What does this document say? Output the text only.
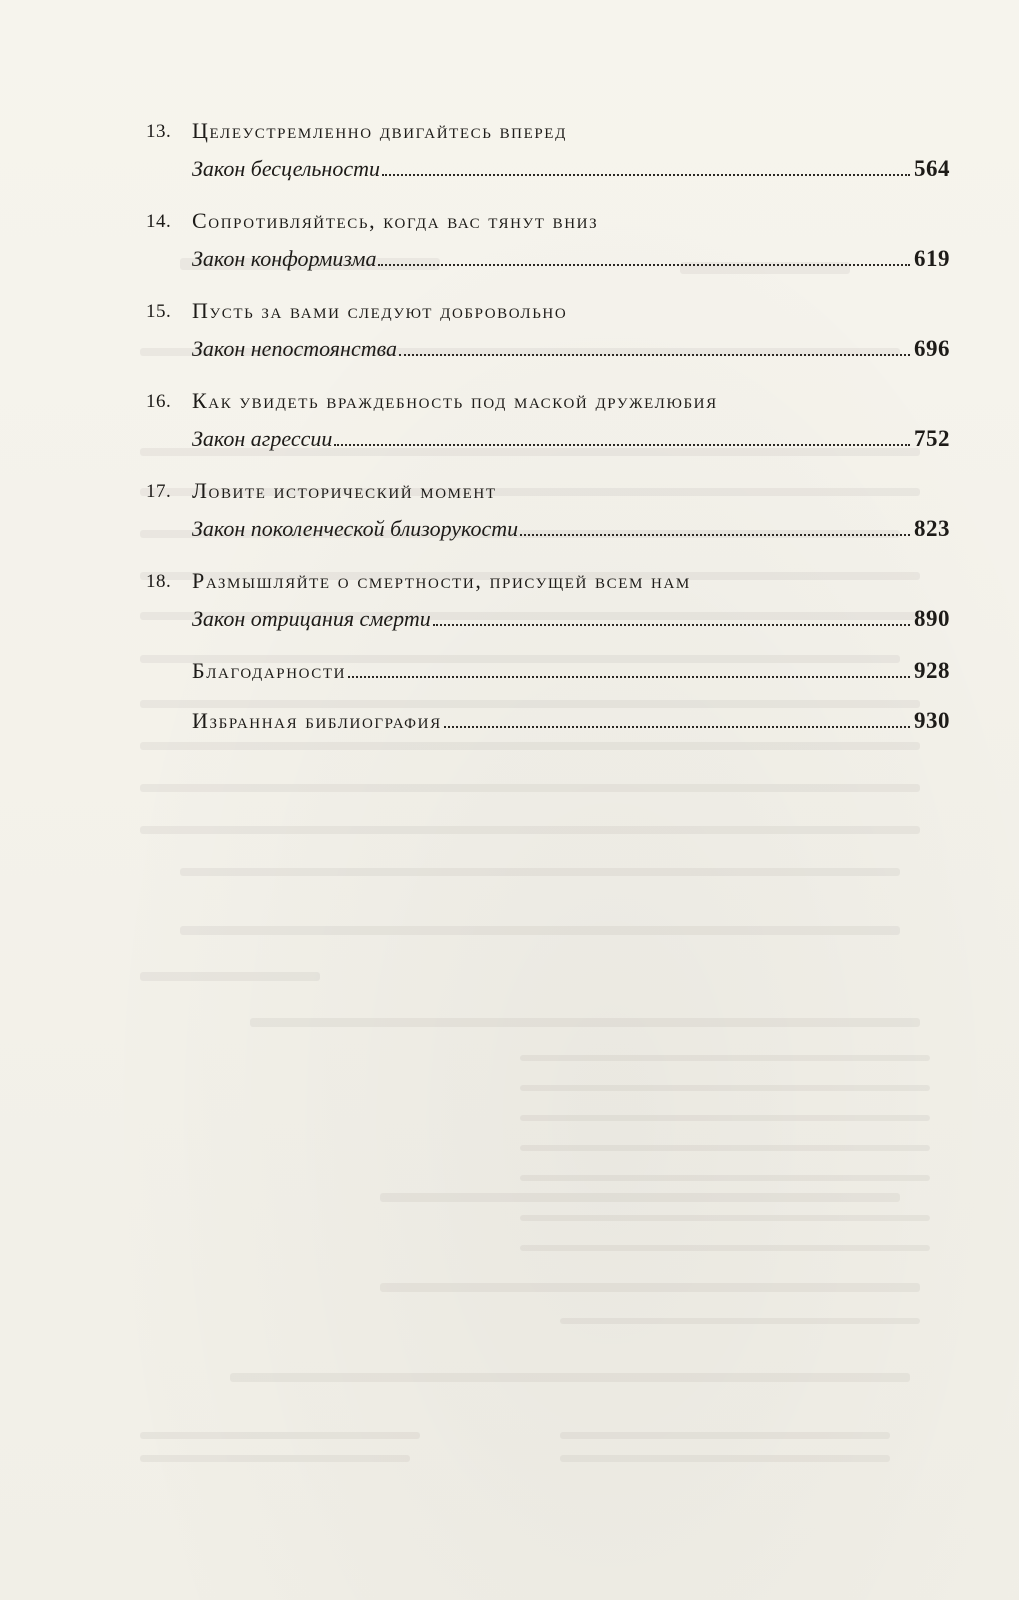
13. Целеустремленно двигайтесь вперед
Закон бесцельности	564
14. Сопротивляйтесь, когда вас тянут вниз
Закон конформизма	619
15. Пусть за вами следуют добровольно
Закон непостоянства	696
16. Как увидеть враждебность под маской дружелюбия
Закон агрессии	752
17. Ловите исторический момент
Закон поколенческой близорукости	823
18. Размышляйте о смертности, присущей всем нам
Закон отрицания смерти	890
Благодарности	928
Избранная библиография	930
